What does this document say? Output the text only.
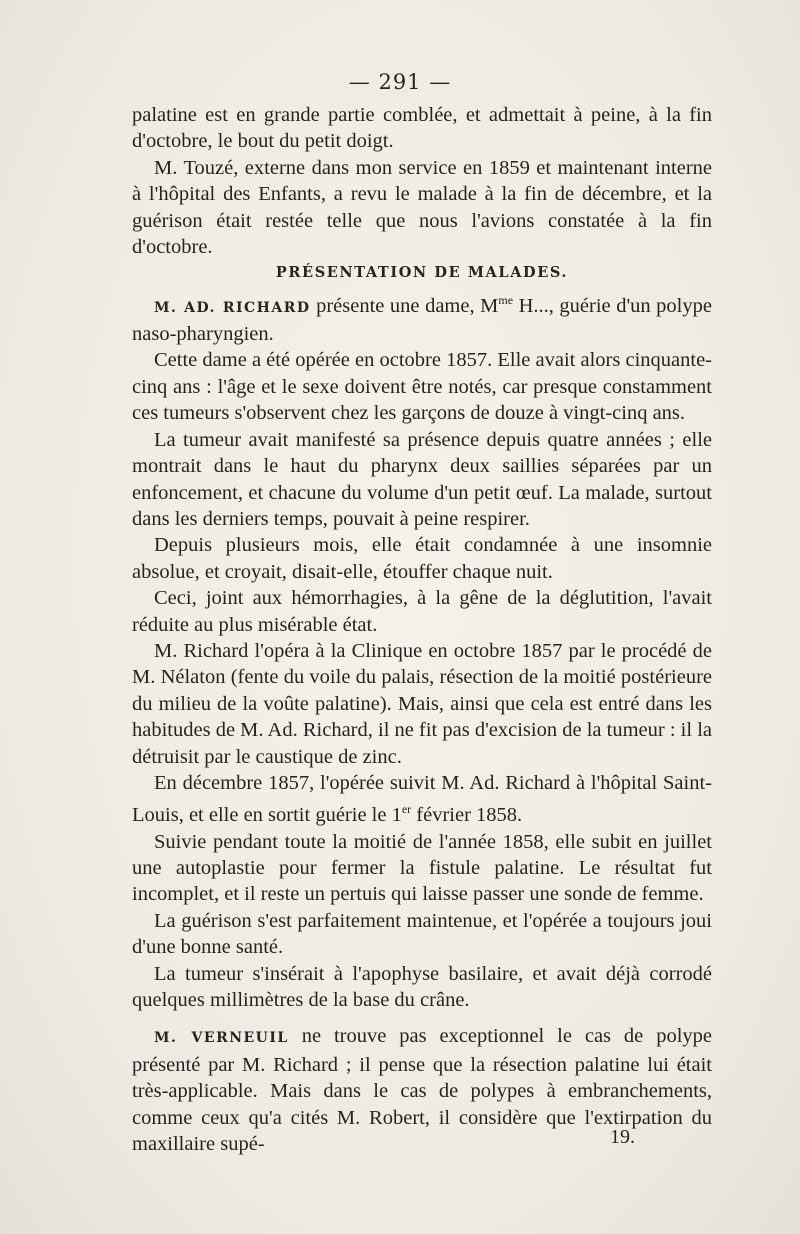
— 291 —

palatine est en grande partie comblée, et admettait à peine, à la fin d'octobre, le bout du petit doigt.

M. Touzé, externe dans mon service en 1859 et maintenant interne à l'hôpital des Enfants, a revu le malade à la fin de décembre, et la guérison était restée telle que nous l'avions constatée à la fin d'octobre.

PRÉSENTATION DE MALADES.

M. AD. RICHARD présente une dame, $M^{me}$ H..., guérie d'un polype naso-pharyngien.

Cette dame a été opérée en octobre 1857. Elle avait alors cinquante-cinq ans : l'âge et le sexe doivent être notés, car presque constamment ces tumeurs s'observent chez les garçons de douze à vingt-cinq ans.

La tumeur avait manifesté sa présence depuis quatre années ; elle montrait dans le haut du pharynx deux saillies séparées par un enfoncement, et chacune du volume d'un petit œuf. La malade, surtout dans les derniers temps, pouvait à peine respirer.

Depuis plusieurs mois, elle était condamnée à une insomnie absolue, et croyait, disait-elle, étouffer chaque nuit.

Ceci, joint aux hémorrhagies, à la gêne de la déglutition, l'avait réduite au plus misérable état.

M. Richard l'opéra à la Clinique en octobre 1857 par le procédé de M. Nélaton (fente du voile du palais, résection de la moitié postérieure du milieu de la voûte palatine). Mais, ainsi que cela est entré dans les habitudes de M. Ad. Richard, il ne fit pas d'excision de la tumeur : il la détruisit par le caustique de zinc.

En décembre 1857, l'opérée suivit M. Ad. Richard à l'hôpital Saint-Louis, et elle en sortit guérie le 1er février 1858.

Suivie pendant toute la moitié de l'année 1858, elle subit en juillet une autoplastie pour fermer la fistule palatine. Le résultat fut incomplet, et il reste un pertuis qui laisse passer une sonde de femme.

La guérison s'est parfaitement maintenue, et l'opérée a toujours joui d'une bonne santé.

La tumeur s'insérait à l'apophyse basilaire, et avait déjà corrodé quelques millimètres de la base du crâne.

M. VERNEUIL ne trouve pas exceptionnel le cas de polype présenté par M. Richard ; il pense que la résection palatine lui était très-applicable. Mais dans le cas de polypes à embranchements, comme ceux qu'a cités M. Robert, il considère que l'extirpation du maxillaire supé-	19.
